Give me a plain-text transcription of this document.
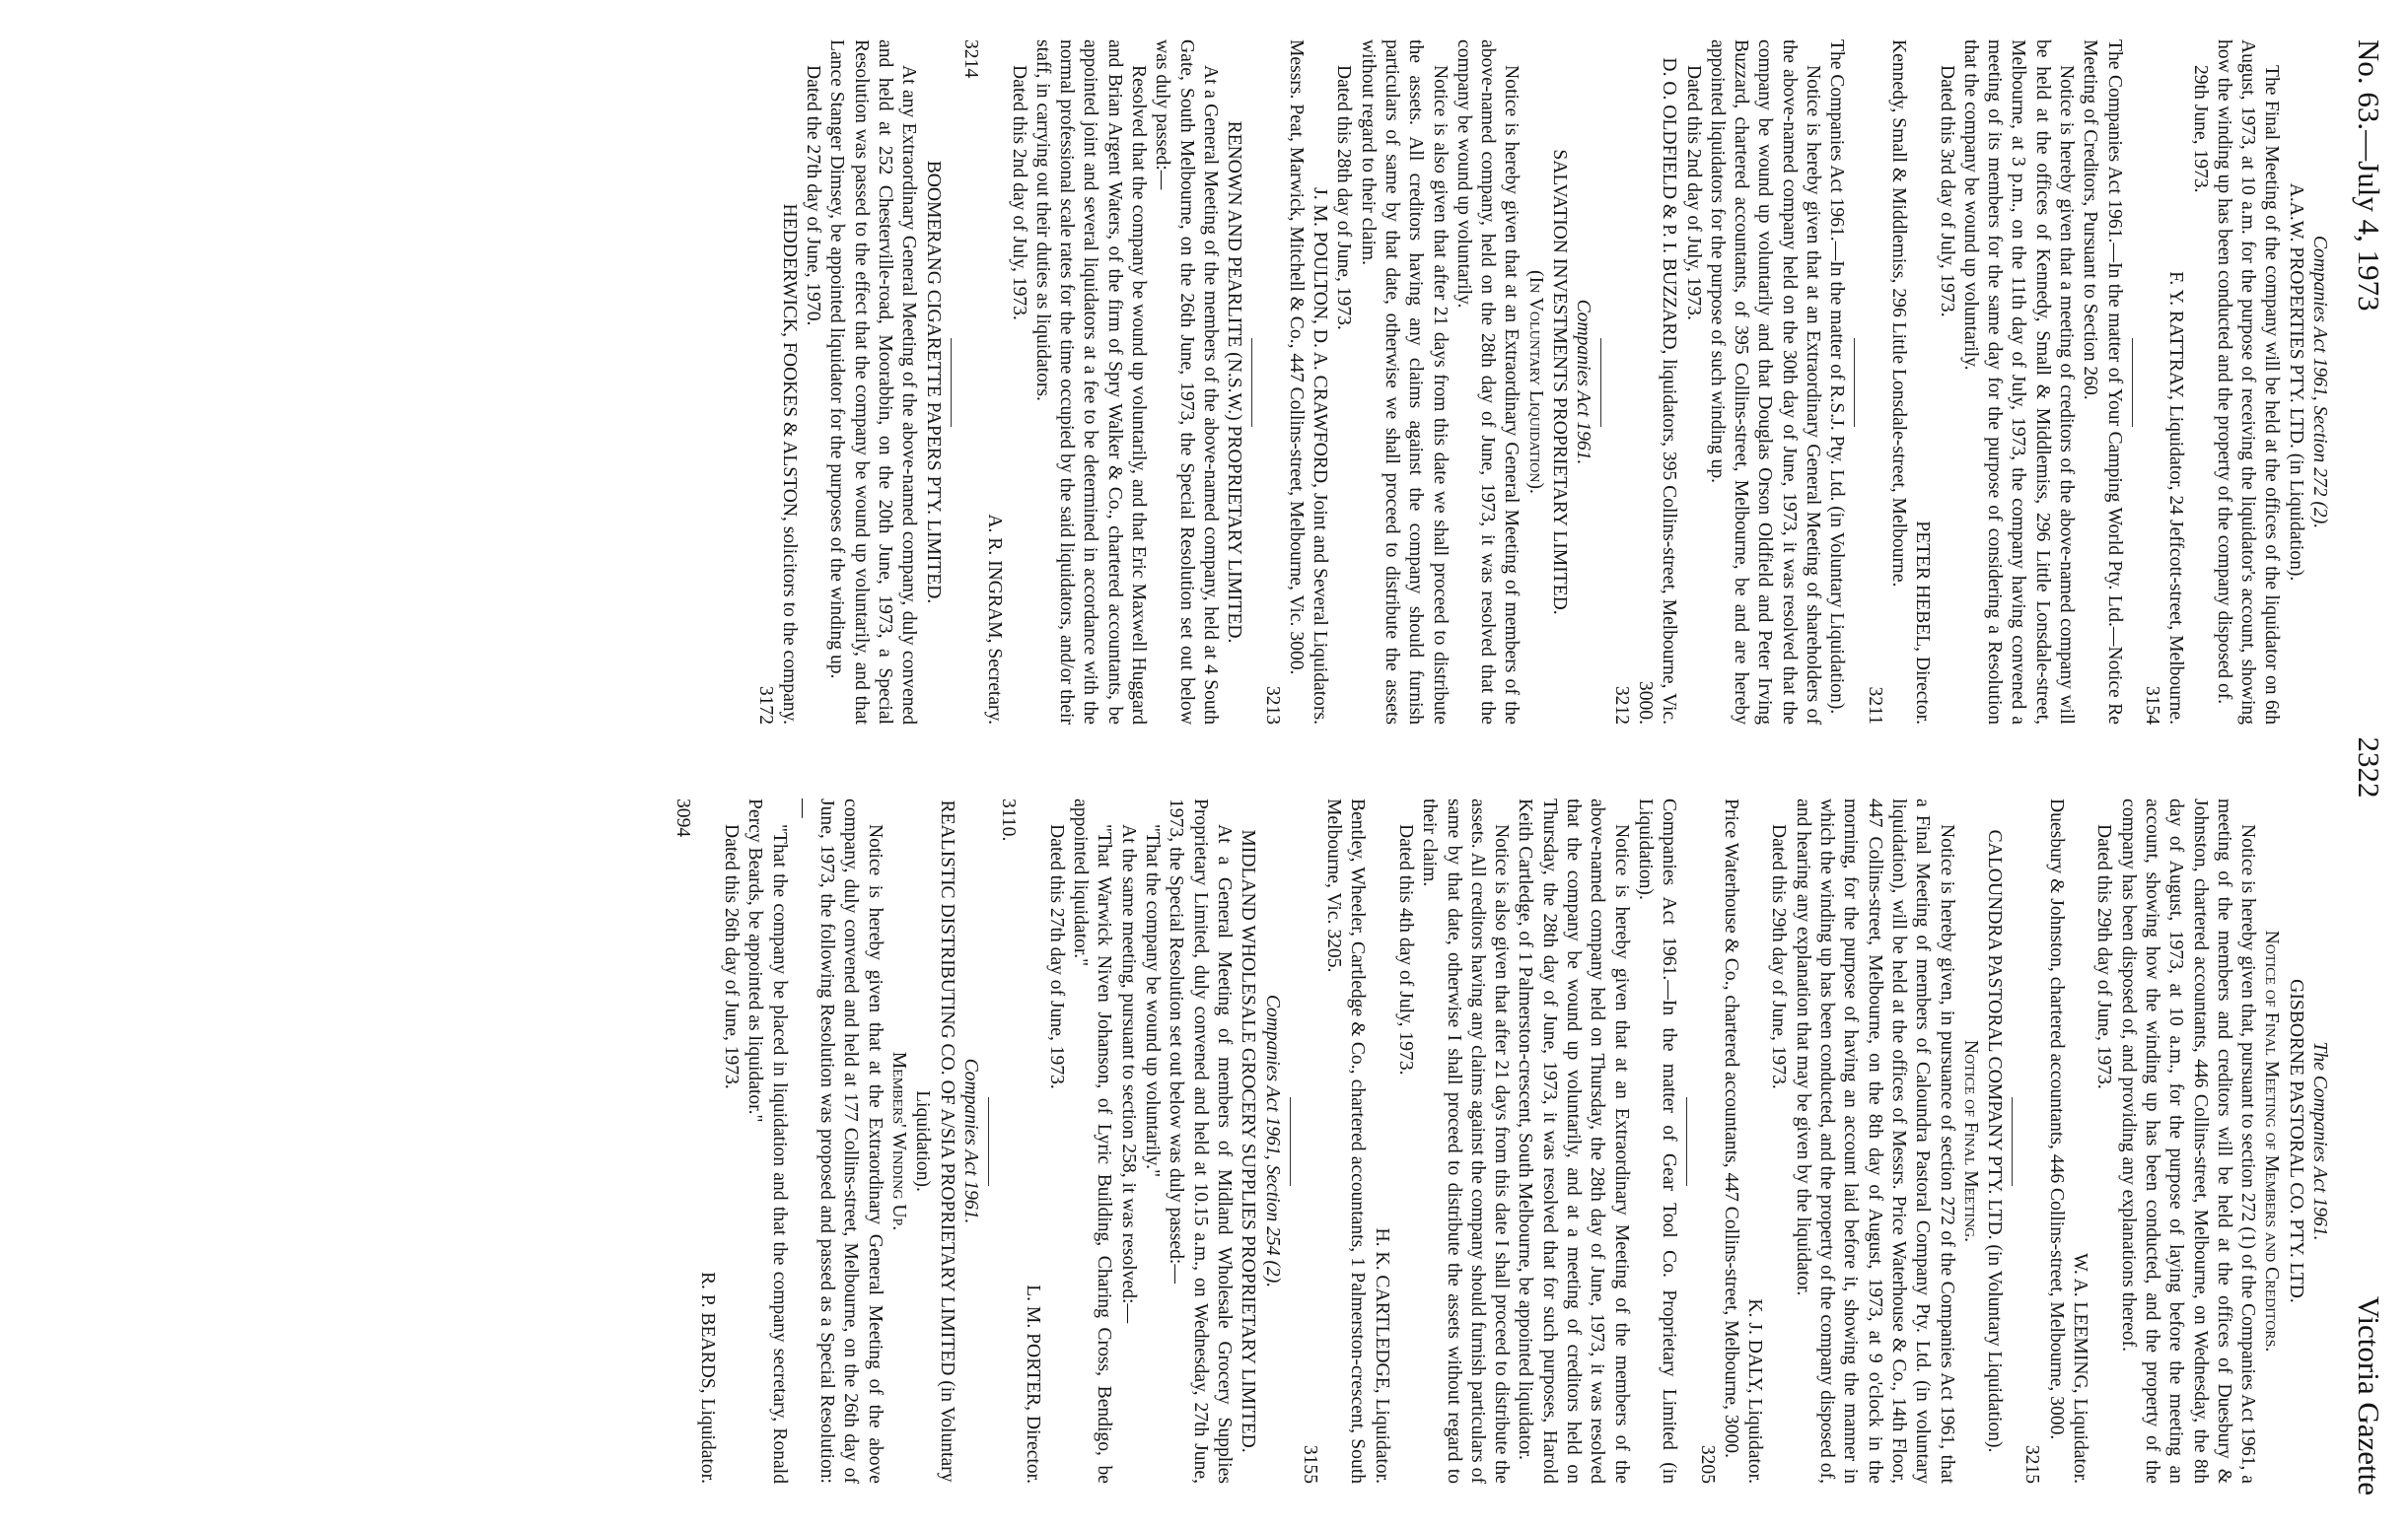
No. 63.—July 4, 1973
2322
Victoria Gazette
Companies Act 1961, Section 272 (2).
A.A.W. PROPERTIES PTY. LTD. (in Liquidation).

The Final Meeting of the company will be held at the offices of the liquidator on 6th August, 1973, at 10 a.m. for the purpose of receiving the liquidator's account, showing how the winding up has been conducted and the property of the company disposed of.

29th June, 1973.

F. Y. RATTRAY, Liquidator, 24 Jeffcott-street, Melbourne.

3154

The Companies Act 1961.—In the matter of Your Camping World Pty. Ltd.—Notice Re Meeting of Creditors, Pursuant to Section 260.

Notice is hereby given that a meeting of creditors of the above-named company will be held at the offices of Kennedy, Small & Middlemiss, 296 Little Lonsdale-street, Melbourne, at 3 p.m., on the 11th day of July, 1973, the company having convened a meeting of its members for the same day for the purpose of considering a Resolution that the company be wound up voluntarily.

Dated this 3rd day of July, 1973.

PETER HEBEL, Director.

Kennedy, Small & Middlemiss, 296 Little Lonsdale-street, Melbourne.

3211

The Companies Act 1961.—In the matter of R.S.J. Pty. Ltd. (in Voluntary Liquidation).

Notice is hereby given that at an Extraordinary General Meeting of shareholders of the above-named company held on the 30th day of June, 1973, it was resolved that the company be wound up voluntarily and that Douglas Orson Oldfield and Peter Irving Buzzard, chartered accountants, of 395 Collins-street, Melbourne, be and are hereby appointed liquidators for the purpose of such winding up.

Dated this 2nd day of July, 1973.

D. O. OLDFIELD & P. I. BUZZARD, liquidators, 395 Collins-street, Melbourne, Vic. 3000.

3212

Companies Act 1961.
SALVATION INVESTMENTS PROPRIETARY LIMITED.
(In Voluntary Liquidation).

Notice is hereby given that at an Extraordinary General Meeting of members of the above-named company, held on the 28th day of June, 1973, it was resolved that the company be wound up voluntarily.

Notice is also given that after 21 days from this date we shall proceed to distribute the assets. All creditors having any claims against the company should furnish particulars of same by that date, otherwise we shall proceed to distribute the assets without regard to their claim.

Dated this 28th day of June, 1973.

J. M. POULTON, D. A. CRAWFORD, Joint and Several Liquidators.

Messrs. Peat, Marwick, Mitchell & Co., 447 Collins-street, Melbourne, Vic. 3000.

3213

RENOWN AND PEARLITE (N.S.W.) PROPRIETARY LIMITED.

At a General Meeting of the members of the above-named company, held at 4 South Gate, South Melbourne, on the 26th June, 1973, the Special Resolution set out below was duly passed:—

Resolved that the company be wound up voluntarily, and that Eric Maxwell Huggard and Brian Argent Waters, of the firm of Spry Walker & Co., chartered accountants, be appointed joint and several liquidators at a fee to be determined in accordance with the normal professional scale rates for the time occupied by the said liquidators, and/or their staff, in carrying out their duties as liquidators.

Dated this 2nd day of July, 1973.

A. R. INGRAM, Secretary.

3214

BOOMERANG CIGARETTE PAPERS PTY. LIMITED.

At any Extraordinary General Meeting of the above-named company, duly convened and held at 252 Chesterville-road, Moorabbin, on the 20th June, 1973, a Special Resolution was passed to the effect that the company be wound up voluntarily, and that Lance Stanger Dimsey, be appointed liquidator for the purposes of the winding up.

Dated the 27th day of June, 1970.

HEDDERWICK, FOOKES & ALSTON, solicitors to the company.

3172

The Companies Act 1961.
GISBORNE PASTORAL CO. PTY. LTD.
Notice of Final Meeting of Members and Creditors.

Notice is hereby given that, pursuant to section 272 (1) of the Companies Act 1961, a meeting of the members and creditors will be held at the offices of Duesbury & Johnston, chartered accountants, 446 Collins-street, Melbourne, on Wednesday, the 8th day of August, 1973, at 10 a.m., for the purpose of laying before the meeting an account, showing how the winding up has been conducted, and the property of the company has been disposed of, and providing any explanations thereof.

Dated this 29th day of June, 1973.

W. A. LEEMING, Liquidator.

Duesbury & Johnston, chartered accountants, 446 Collins-street, Melbourne, 3000.

3215

CALOUNDRA PASTORAL COMPANY PTY. LTD. (in Voluntary Liquidation).
Notice of Final Meeting.

Notice is hereby given, in pursuance of section 272 of the Companies Act 1961, that a Final Meeting of members of Caloundra Pastoral Company Pty. Ltd. (in voluntary liquidation), will be held at the offices of Messrs. Price Waterhouse & Co., 14th Floor, 447 Collins-street, Melbourne, on the 8th day of August, 1973, at 9 o'clock in the morning, for the purpose of having an account laid before it, showing the manner in which the winding up has been conducted, and the property of the company disposed of, and hearing any explanation that may be given by the liquidator.

Dated this 29th day of June, 1973.

K. J. DALY, Liquidator.

Price Waterhouse & Co., chartered accountants, 447 Collins-street, Melbourne, 3000.

3205

Companies Act 1961.—In the matter of Gear Tool Co. Proprietary Limited (in Liquidation).

Notice is hereby given that at an Extraordinary Meeting of the members of the above-named company held on Thursday, the 28th day of June, 1973, it was resolved that the company be wound up voluntarily, and at a meeting of creditors held on Thursday, the 28th day of June, 1973, it was resolved that for such purposes, Harold Keith Cartledge, of 1 Palmerston-crescent, South Melbourne, be appointed liquidator.

Notice is also given that after 21 days from this date I shall proceed to distribute the assets. All creditors having any claims against the company should furnish particulars of same by that date, otherwise I shall proceed to distribute the assets without regard to their claim.

Dated this 4th day of July, 1973.

H. K. CARTLEDGE, Liquidator.

Bentley, Wheeler, Cartledge & Co., chartered accountants, 1 Palmerston-crescent, South Melbourne, Vic. 3205.

3155

Companies Act 1961, Section 254 (2).
MIDLAND WHOLESALE GROCERY SUPPLIES PROPRIETARY LIMITED.

At a General Meeting of members of Midland Wholesale Grocery Supplies Proprietary Limited, duly convened and held at 10.15 a.m., on Wednesday, 27th June, 1973, the Special Resolution set out below was duly passed:—

"That the company be wound up voluntarily."

At the same meeting, pursuant to section 258, it was resolved:—

"That Warwick Niven Johanson, of Lyric Building, Charing Cross, Bendigo, be appointed liquidator."

Dated this 27th day of June, 1973.

L. M. PORTER, Director.

3110.

Companies Act 1961.
REALISTIC DISTRIBUTING CO. OF A/SIA PROPRIETARY LIMITED (in Voluntary Liquidation).
Members' Winding Up.

Notice is hereby given that at the Extraordinary General Meeting of the above company, duly convened and held at 177 Collins-street, Melbourne, on the 26th day of June, 1973, the following Resolution was proposed and passed as a Special Resolution:—

"That the company be placed in liquidation and that the company secretary, Ronald Percy Beards, be appointed as liquidator."

Dated this 26th day of June, 1973.

R. P. BEARDS, Liquidator.

3094
